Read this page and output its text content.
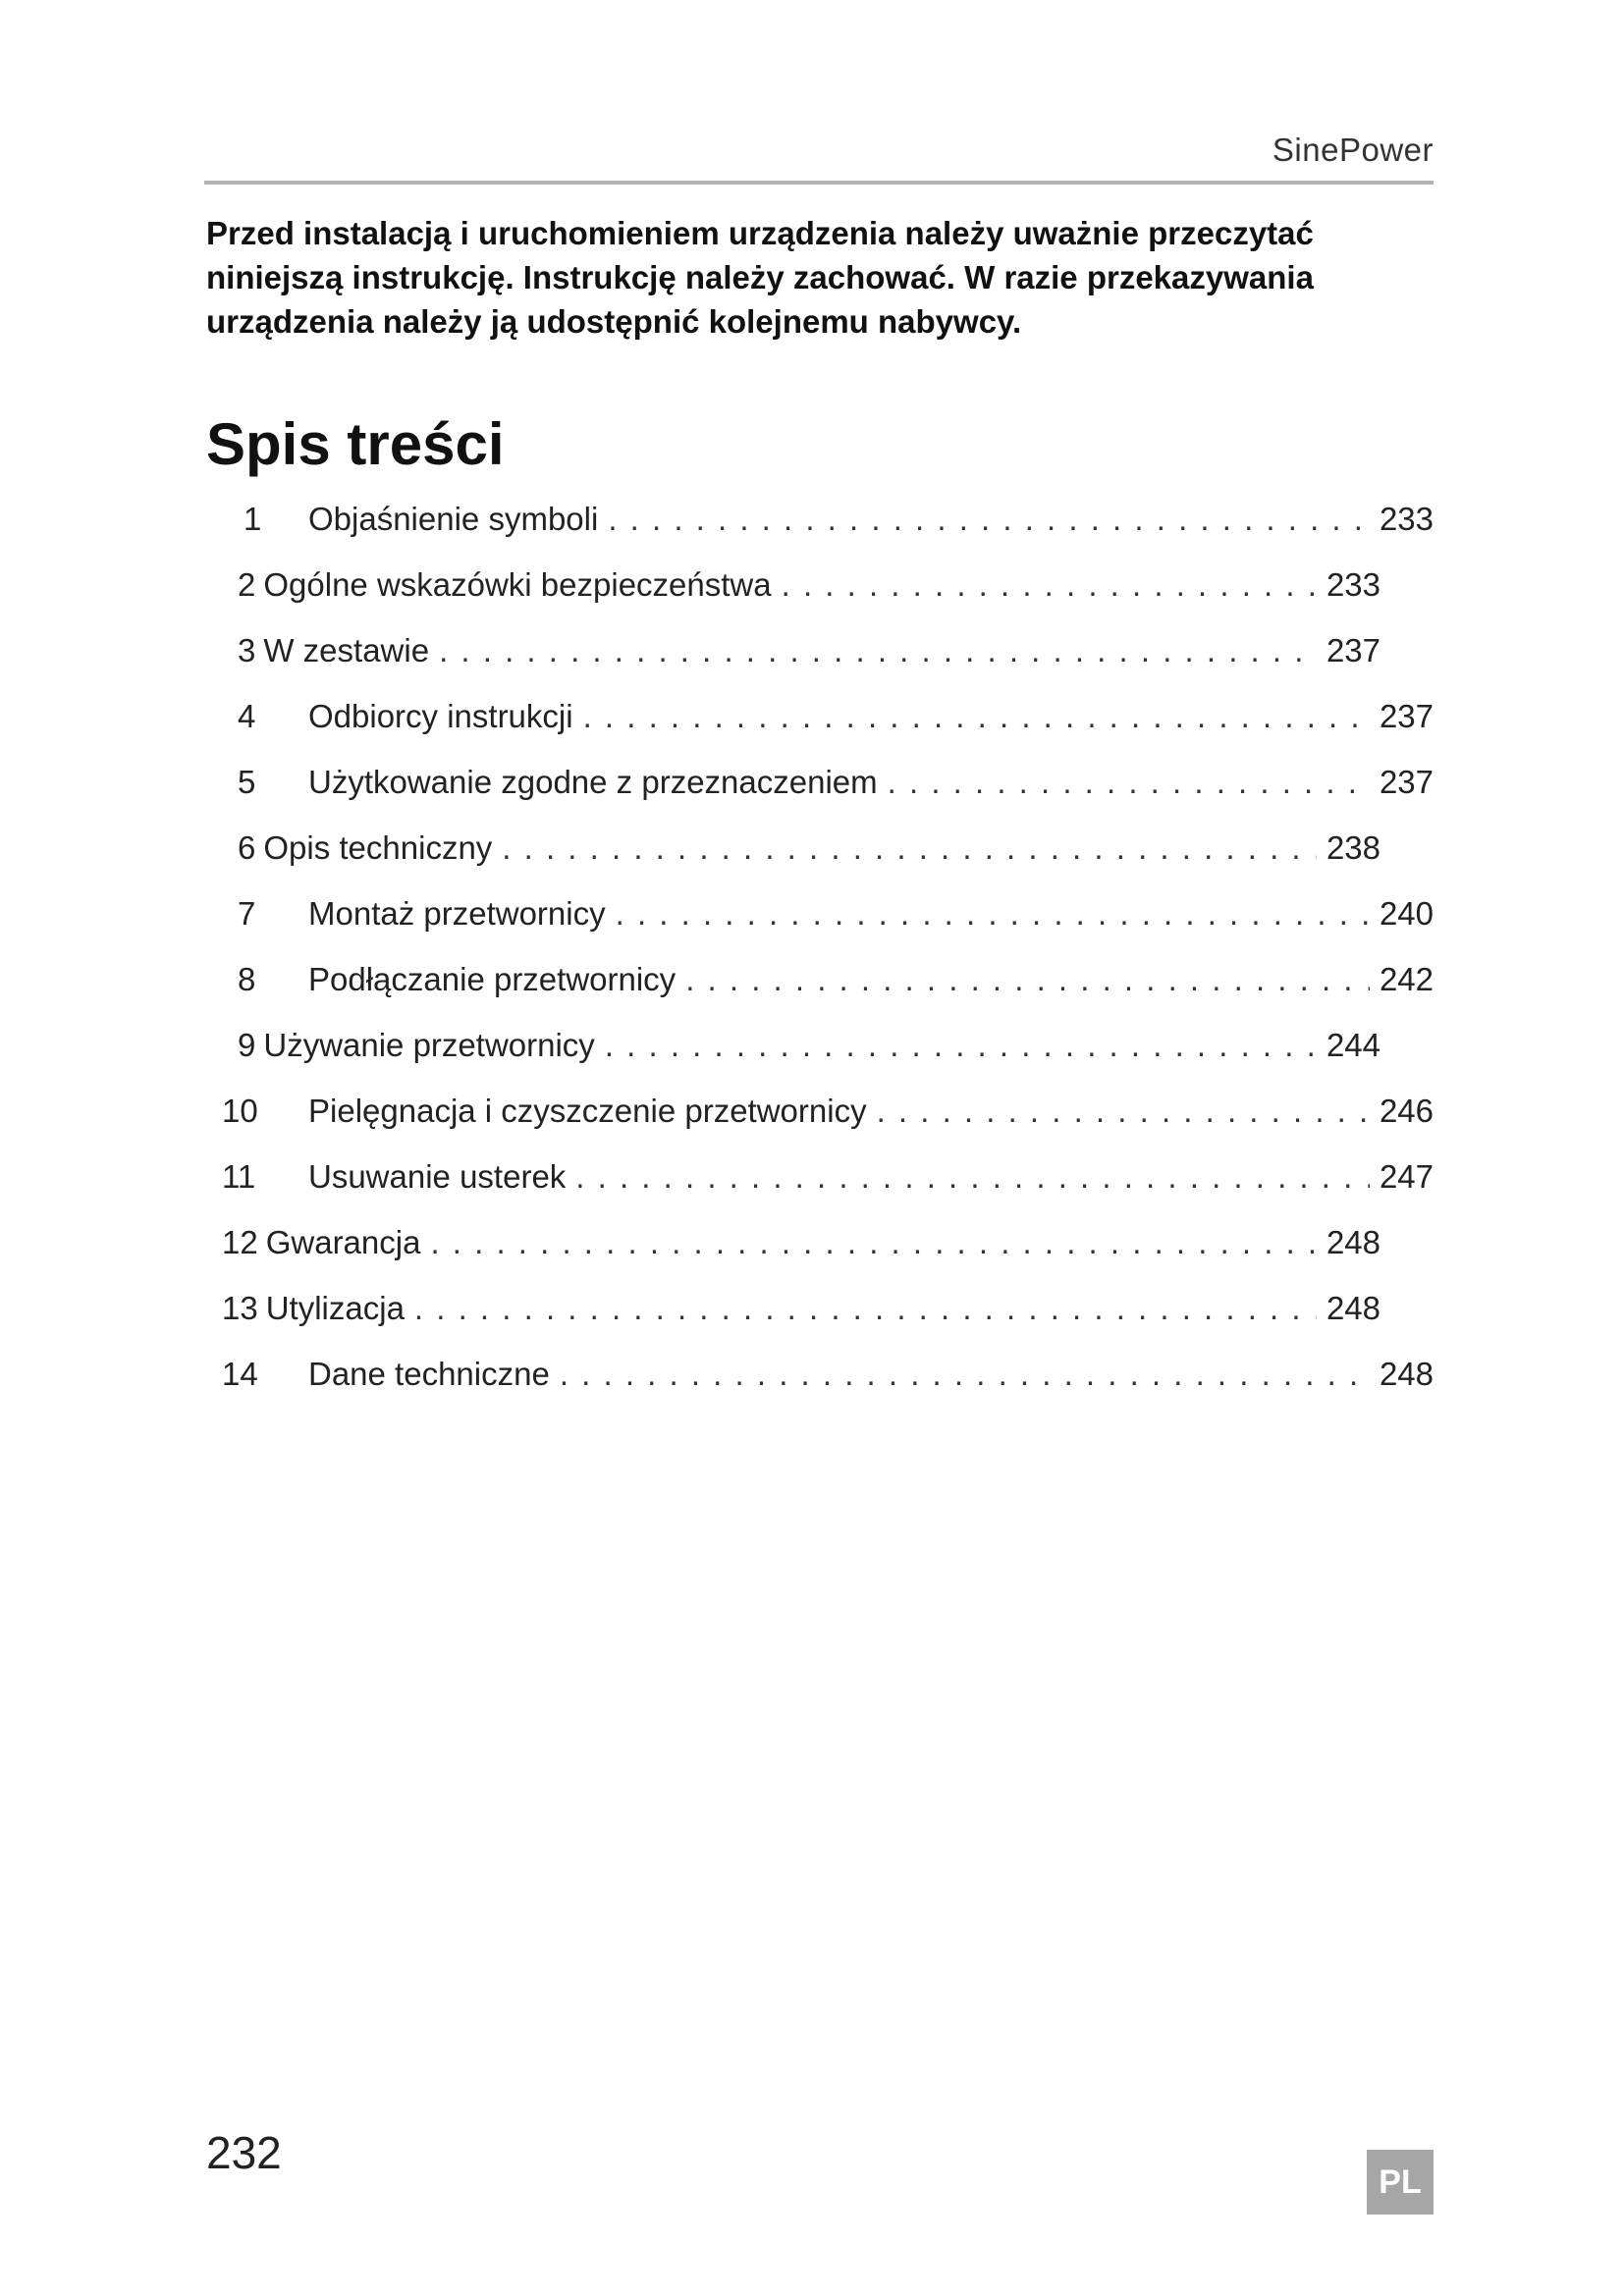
SinePower

Przed instalacją i uruchomieniem urządzenia należy uważnie przeczytać niniejszą instrukcję. Instrukcję należy zachować. W razie przekazywania urządzenia należy ją udostępnić kolejnemu nabywcy.

Spis treści
1	Objaśnienie symboli . . .	233
2 Ogólne wskazówki bezpieczeństwa . . .	233
3 W zestawie . . .	237
4	Odbiorcy instrukcji . . .	237
5	Użytkowanie zgodne z przeznaczeniem . . .	237
6 Opis techniczny . . .	238
7	Montaż przetwornicy . . .	240
8	Podłączanie przetwornicy . . .	242
9 Używanie przetwornicy . . .	244
10	Pielęgnacja i czyszczenie przetwornicy . . .	246
11	Usuwanie usterek . . .	247
12 Gwarancja . . .	248
13 Utylizacja . . .	248
14	Dane techniczne . . .	248
232
PL
